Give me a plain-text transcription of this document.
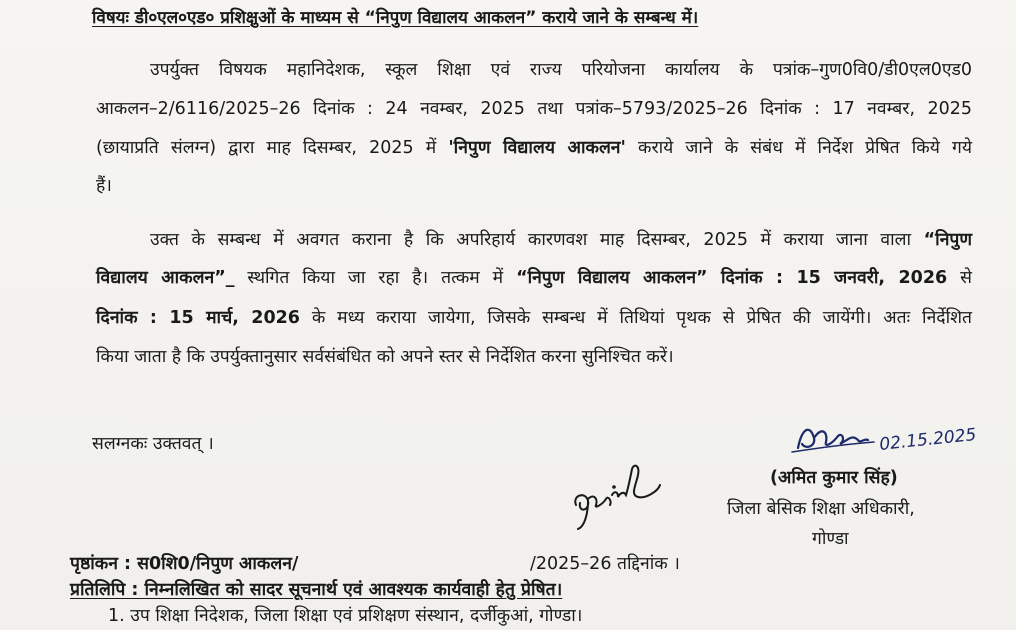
विषयः डी०एल०एड० प्रशिक्षुओं के माध्यम से “निपुण विद्यालय आकलन” कराये जाने के सम्बन्ध में।
उपर्युक्त विषयक महानिदेशक, स्कूल शिक्षा एवं राज्य परियोजना कार्यालय के पत्रांक–गुण0वि0/डी0एल0एड0
आकलन–2/6116/2025–26 दिनांक : 24 नवम्बर, 2025 तथा पत्रांक–5793/2025–26 दिनांक : 17 नवम्बर, 2025
(छायाप्रति संलग्न) द्वारा माह दिसम्बर, 2025 में 'निपुण विद्यालय आकलन' कराये जाने के संबंध में निर्देश प्रेषित किये गये
हैं।
उक्त के सम्बन्ध में अवगत कराना है कि अपरिहार्य कारणवश माह दिसम्बर, 2025 में कराया जाना वाला “निपुण
विद्यालय आकलन”_ स्थगित किया जा रहा है। तत्कम में “निपुण विद्यालय आकलन” दिनांक : 15 जनवरी, 2026 से
दिनांक : 15 मार्च, 2026 के मध्य कराया जायेगा, जिसके सम्बन्ध में तिथियां पृथक से प्रेषित की जायेंगी। अतः निर्देशित
किया जाता है कि उपर्युक्तानुसार सर्वसंबंधित को अपने स्तर से निर्देशित करना सुनिश्चित करें।
सलग्नकः उक्तवत् ।	02.15.2025
(अमित कुमार सिंह)
जिला बेसिक शिक्षा अधिकारी,
गोण्डा
पृष्ठांकन : स0शि0/निपुण आकलन/	/2025–26 तद्दिनांक ।
प्रतिलिपि : निम्नलिखित को सादर सूचनार्थ एवं आवश्यक कार्यवाही हेतु प्रेषित।
1. उप शिक्षा निदेशक, जिला शिक्षा एवं प्रशिक्षण संस्थान, दर्जीकुआं, गोण्डा।
